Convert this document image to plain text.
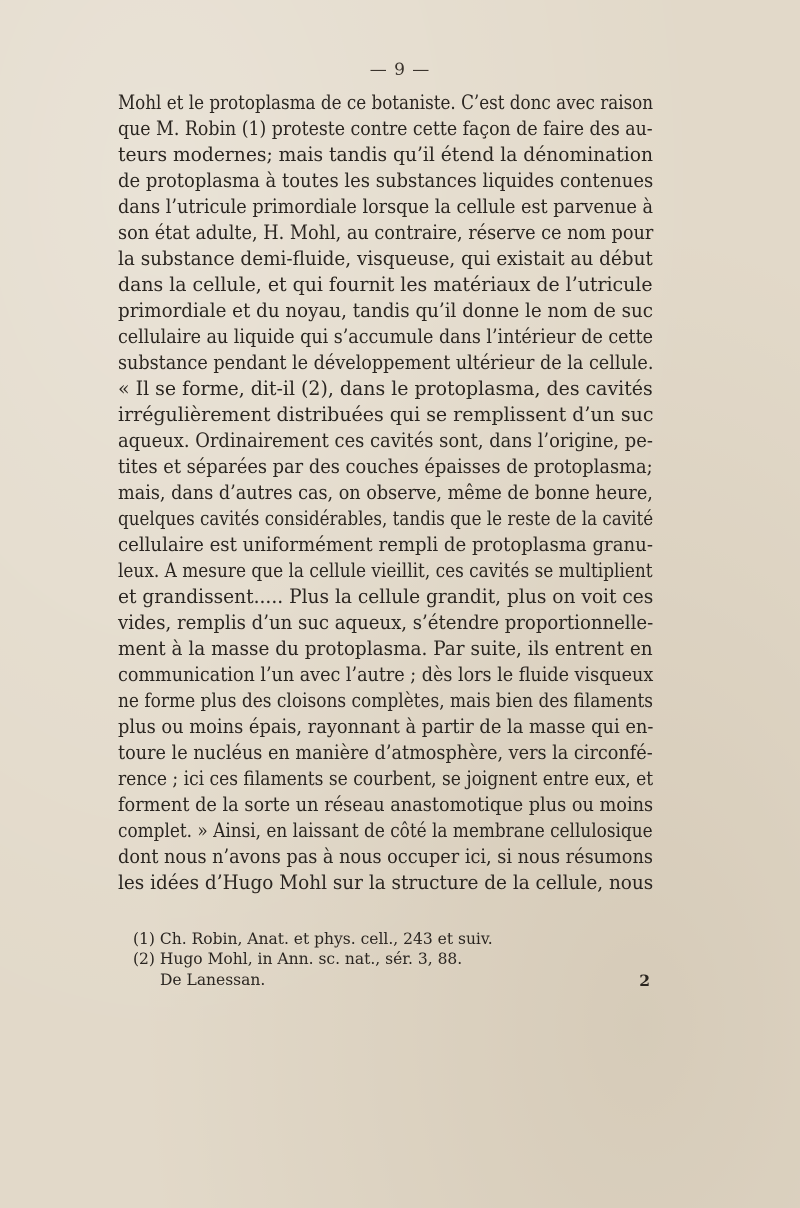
— 9 —
Mohl et le protoplasma de ce botaniste. C’est donc avec raison
que M. Robin (1) proteste contre cette façon de faire des au-
teurs modernes; mais tandis qu’il étend la dénomination
de protoplasma à toutes les substances liquides contenues
dans l’utricule primordiale lorsque la cellule est parvenue à
son état adulte, H. Mohl, au contraire, réserve ce nom pour
la substance demi-fluide, visqueuse, qui existait au début
dans la cellule, et qui fournit les matériaux de l’utricule
primordiale et du noyau, tandis qu’il donne le nom de suc
cellulaire au liquide qui s’accumule dans l’intérieur de cette
substance pendant le développement ultérieur de la cellule.
« Il se forme, dit-il (2), dans le protoplasma, des cavités
irrégulièrement distribuées qui se remplissent d’un suc
aqueux. Ordinairement ces cavités sont, dans l’origine, pe-
tites et séparées par des couches épaisses de protoplasma;
mais, dans d’autres cas, on observe, même de bonne heure,
quelques cavités considérables, tandis que le reste de la cavité
cellulaire est uniformément rempli de protoplasma granu-
leux. A mesure que la cellule vieillit, ces cavités se multiplient
et grandissent..... Plus la cellule grandit, plus on voit ces
vides, remplis d’un suc aqueux, s’étendre proportionnelle-
ment à la masse du protoplasma. Par suite, ils entrent en
communication l’un avec l’autre ; dès lors le fluide visqueux
ne forme plus des cloisons complètes, mais bien des filaments
plus ou moins épais, rayonnant à partir de la masse qui en-
toure le nucléus en manière d’atmosphère, vers la circonfé-
rence ; ici ces filaments se courbent, se joignent entre eux, et
forment de la sorte un réseau anastomotique plus ou moins
complet. » Ainsi, en laissant de côté la membrane cellulosique
dont nous n’avons pas à nous occuper ici, si nous résumons
les idées d’Hugo Mohl sur la structure de la cellule, nous
(1) Ch. Robin, Anat. et phys. cell., 243 et suiv.
(2) Hugo Mohl, in Ann. sc. nat., sér. 3, 88.
De Lanessan.	2
